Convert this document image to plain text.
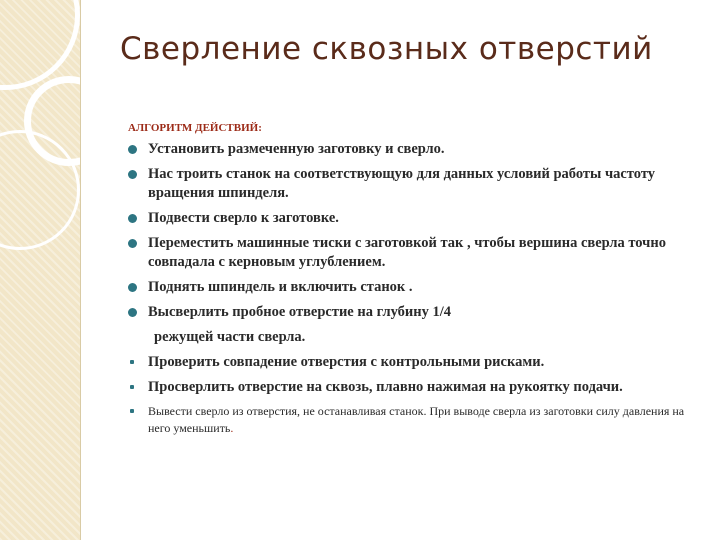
Сверление сквозных отверстий
АЛГОРИТМ ДЕЙСТВИЙ:
Установить размеченную заготовку и сверло.
Нас троить станок на соответствующую для данных условий работы частоту вращения шпинделя.
Подвести сверло к заготовке.
Переместить машинные тиски с заготовкой так , чтобы вершина сверла точно совпадала с керновым углублением.
Поднять шпиндель и включить станок .
Высверлить пробное отверстие на глубину 1/4
режущей части сверла.
Проверить совпадение отверстия с контрольными рисками.
Просверлить отверстие на сквозь, плавно нажимая на рукоятку подачи.
Вывести сверло из отверстия, не останавливая станок. При выводе сверла из заготовки силу давления на него уменьшить.
